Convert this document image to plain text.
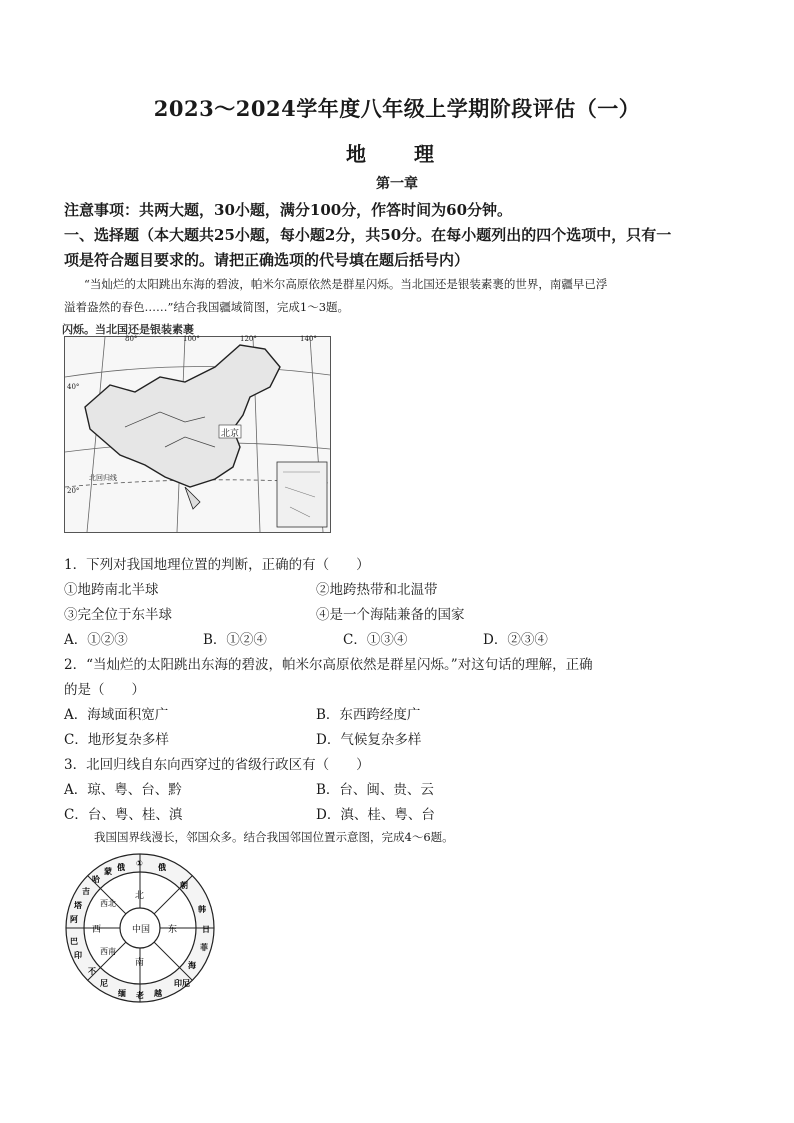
2023～2024学年度八年级上学期阶段评估（一）
地　理
第一章
注意事项：共两大题，30小题，满分100分，作答时间为60分钟。
一、选择题（本大题共25小题，每小题2分，共50分。在每小题列出的四个选项中，只有一
项是符合题目要求的。请把正确选项的代号填在题后括号内）
“当灿烂的太阳跳出东海的碧波，帕米尔高原依然是群星闪烁。当北国还是银装素裹的世界，南疆早已浮
溢着盎然的春色……”结合我国疆域简图，完成1～3题。
闪烁。当北国还是银装素裹
80°	100°	120°	140°
40°
20°
北京
北回归线
1．下列对我国地理位置的判断，正确的有（　　）
①地跨南北半球	②地跨热带和北温带
③完全位于东半球	④是一个海陆兼备的国家
A．①②③	B．①②④	C．①③④	D．②③④
2．“当灿烂的太阳跳出东海的碧波，帕米尔高原依然是群星闪烁。”对这句话的理解，正确
的是（　　）
A．海域面积宽广	B．东西跨经度广
C．地形复杂多样	D．气候复杂多样
3．北回归线自东向西穿过的省级行政区有（　　）
A．琼、粤、台、黔	B．台、闽、贵、云
C．台、粤、桂、滇	D．滇、桂、粤、台
我国国界线漫长，邻国众多。结合我国邻国位置示意图，完成4～6题。
中国
北
东
南
西
西北
西南
俄 ① 俄
朝
韩
日
菲
海
印尼
越
老
缅
尼
不
印
巴
阿
塔
吉
哈
蒙
